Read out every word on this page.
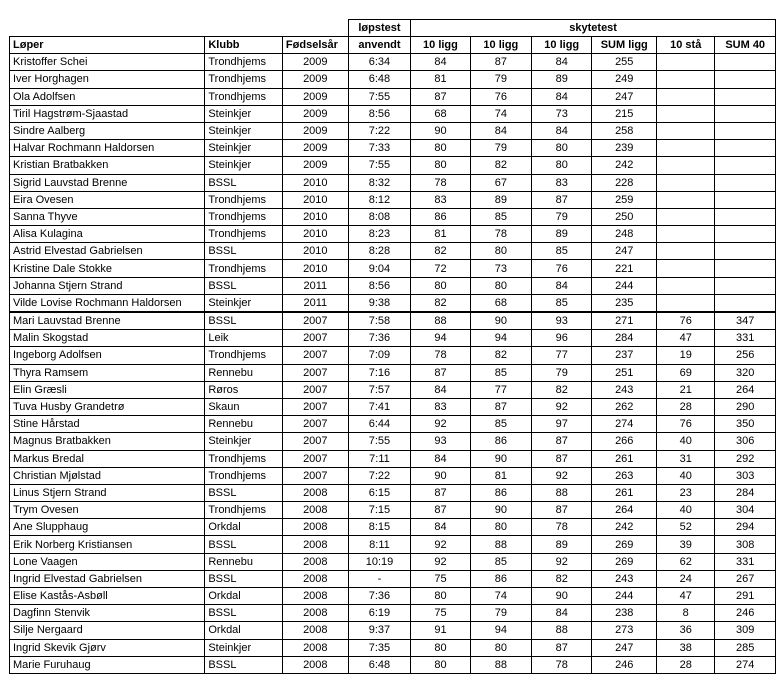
			løpstest	skytetest					
Løper	Klubb	Fødselsår	anvendt	10 ligg	10 ligg	10 ligg	SUM ligg	10 stå	SUM 40
Kristoffer Schei	Trondhjems	2009	6:34	84	87	84	255		
Iver Horghagen	Trondhjems	2009	6:48	81	79	89	249		
Ola Adolfsen	Trondhjems	2009	7:55	87	76	84	247		
Tiril Hagstrøm-Sjaastad	Steinkjer	2009	8:56	68	74	73	215		
Sindre Aalberg	Steinkjer	2009	7:22	90	84	84	258		
Halvar Rochmann Haldorsen	Steinkjer	2009	7:33	80	79	80	239		
Kristian Bratbakken	Steinkjer	2009	7:55	80	82	80	242		
Sigrid Lauvstad Brenne	BSSL	2010	8:32	78	67	83	228		
Eira Ovesen	Trondhjems	2010	8:12	83	89	87	259		
Sanna Thyve	Trondhjems	2010	8:08	86	85	79	250		
Alisa Kulagina	Trondhjems	2010	8:23	81	78	89	248		
Astrid Elvestad Gabrielsen	BSSL	2010	8:28	82	80	85	247		
Kristine Dale Stokke	Trondhjems	2010	9:04	72	73	76	221		
Johanna Stjern Strand	BSSL	2011	8:56	80	80	84	244		
Vilde Lovise Rochmann Haldorsen	Steinkjer	2011	9:38	82	68	85	235		
Mari Lauvstad Brenne	BSSL	2007	7:58	88	90	93	271	76	347
Malin Skogstad	Leik	2007	7:36	94	94	96	284	47	331
Ingeborg Adolfsen	Trondhjems	2007	7:09	78	82	77	237	19	256
Thyra Ramsem	Rennebu	2007	7:16	87	85	79	251	69	320
Elin Græsli	Røros	2007	7:57	84	77	82	243	21	264
Tuva Husby Grandetrø	Skaun	2007	7:41	83	87	92	262	28	290
Stine Hårstad	Rennebu	2007	6:44	92	85	97	274	76	350
Magnus Bratbakken	Steinkjer	2007	7:55	93	86	87	266	40	306
Markus Bredal	Trondhjems	2007	7:11	84	90	87	261	31	292
Christian Mjølstad	Trondhjems	2007	7:22	90	81	92	263	40	303
Linus Stjern Strand	BSSL	2008	6:15	87	86	88	261	23	284
Trym Ovesen	Trondhjems	2008	7:15	87	90	87	264	40	304
Ane Slupphaug	Orkdal	2008	8:15	84	80	78	242	52	294
Erik Norberg Kristiansen	BSSL	2008	8:11	92	88	89	269	39	308
Lone Vaagen	Rennebu	2008	10:19	92	85	92	269	62	331
Ingrid Elvestad Gabrielsen	BSSL	2008	-	75	86	82	243	24	267
Elise Kastås-Asbøll	Orkdal	2008	7:36	80	74	90	244	47	291
Dagfinn Stenvik	BSSL	2008	6:19	75	79	84	238	8	246
Silje Nergaard	Orkdal	2008	9:37	91	94	88	273	36	309
Ingrid Skevik Gjørv	Steinkjer	2008	7:35	80	80	87	247	38	285
Marie Furuhaug	BSSL	2008	6:48	80	88	78	246	28	274
